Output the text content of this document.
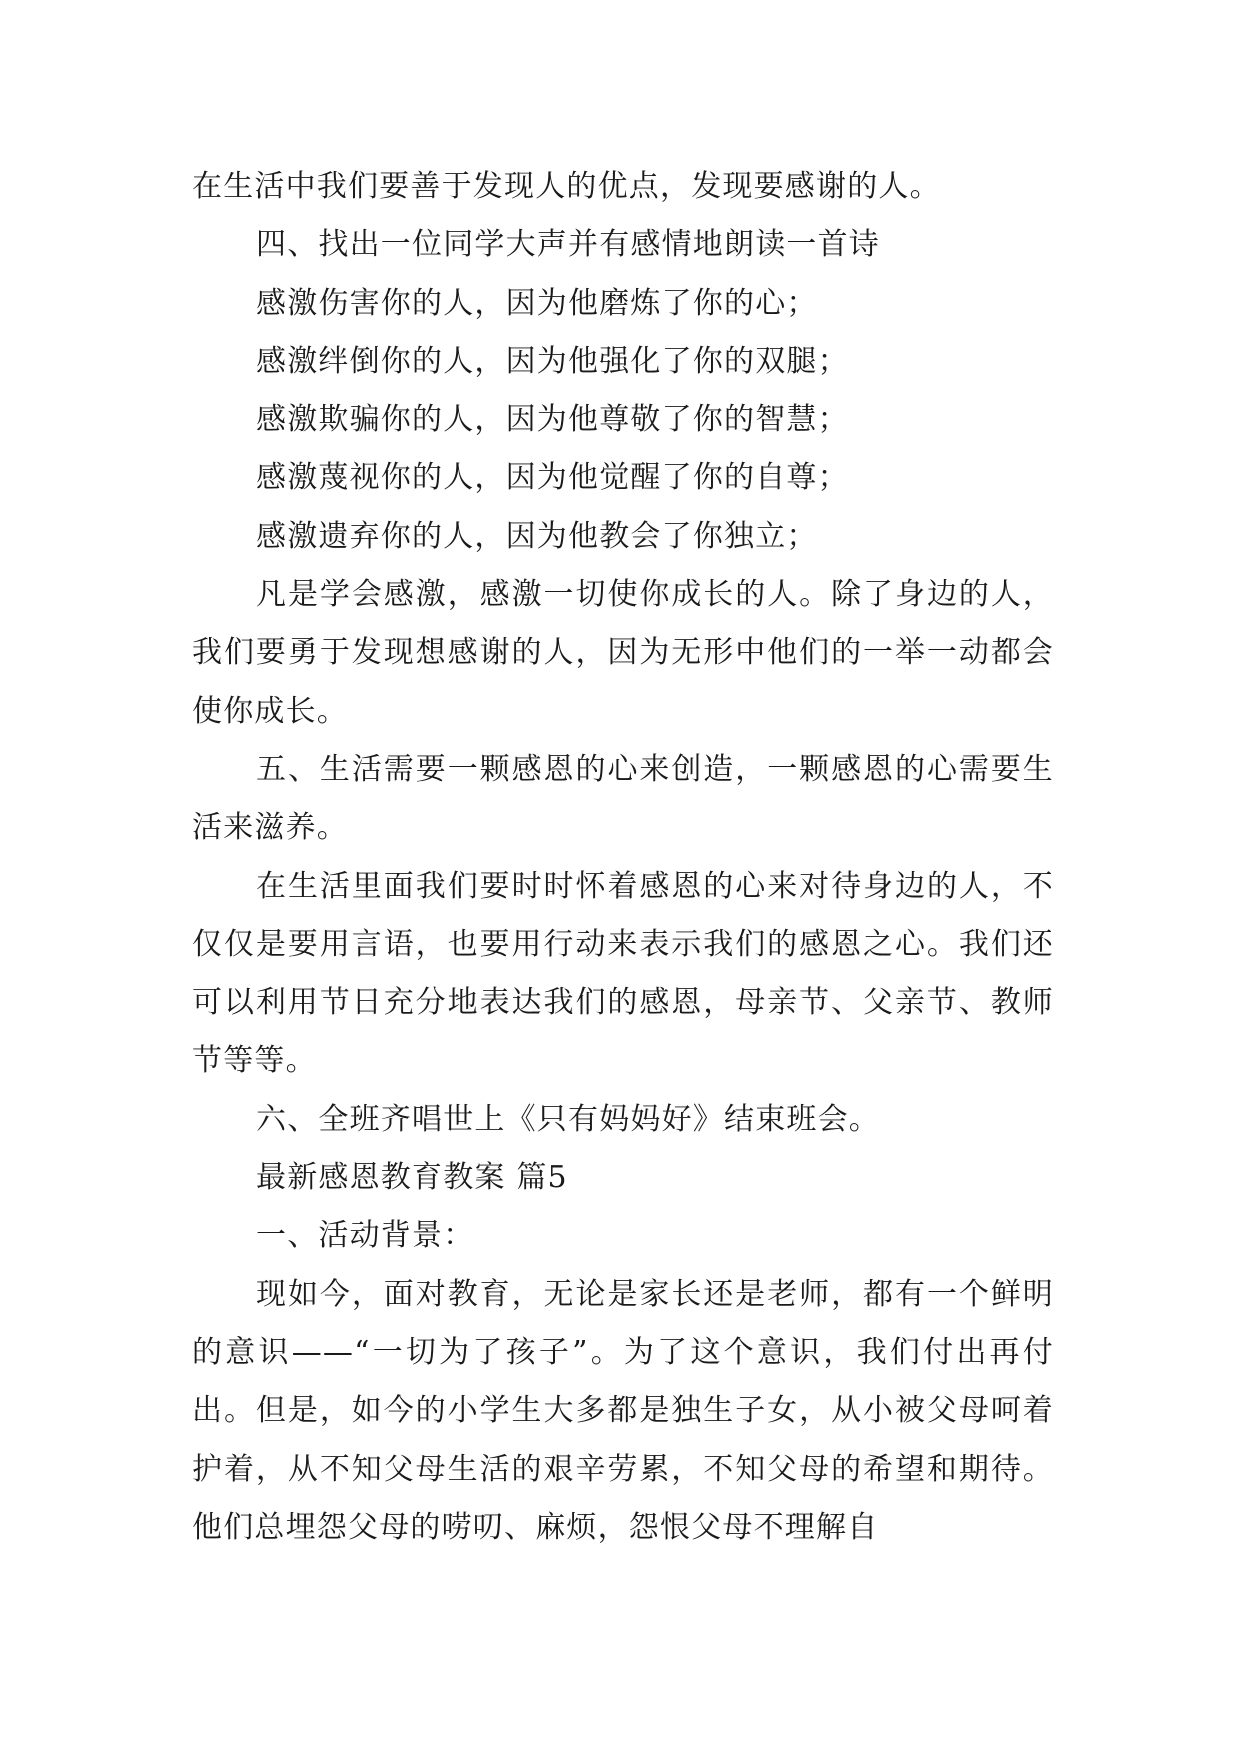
在生活中我们要善于发现人的优点，发现要感谢的人。

四、找出一位同学大声并有感情地朗读一首诗

感激伤害你的人，因为他磨炼了你的心；

感激绊倒你的人，因为他强化了你的双腿；

感激欺骗你的人，因为他尊敬了你的智慧；

感激蔑视你的人，因为他觉醒了你的自尊；

感激遗弃你的人，因为他教会了你独立；

凡是学会感激，感激一切使你成长的人。除了身边的人，我们要勇于发现想感谢的人，因为无形中他们的一举一动都会使你成长。

五、生活需要一颗感恩的心来创造，一颗感恩的心需要生活来滋养。

在生活里面我们要时时怀着感恩的心来对待身边的人，不仅仅是要用言语，也要用行动来表示我们的感恩之心。我们还可以利用节日充分地表达我们的感恩，母亲节、父亲节、教师节等等。

六、全班齐唱世上《只有妈妈好》结束班会。

最新感恩教育教案 篇5

一、活动背景：

现如今，面对教育，无论是家长还是老师，都有一个鲜明的意识——“一切为了孩子”。为了这个意识，我们付出再付出。但是，如今的小学生大多都是独生子女，从小被父母呵着护着，从不知父母生活的艰辛劳累，不知父母的希望和期待。他们总埋怨父母的唠叨、麻烦，怨恨父母不理解自
